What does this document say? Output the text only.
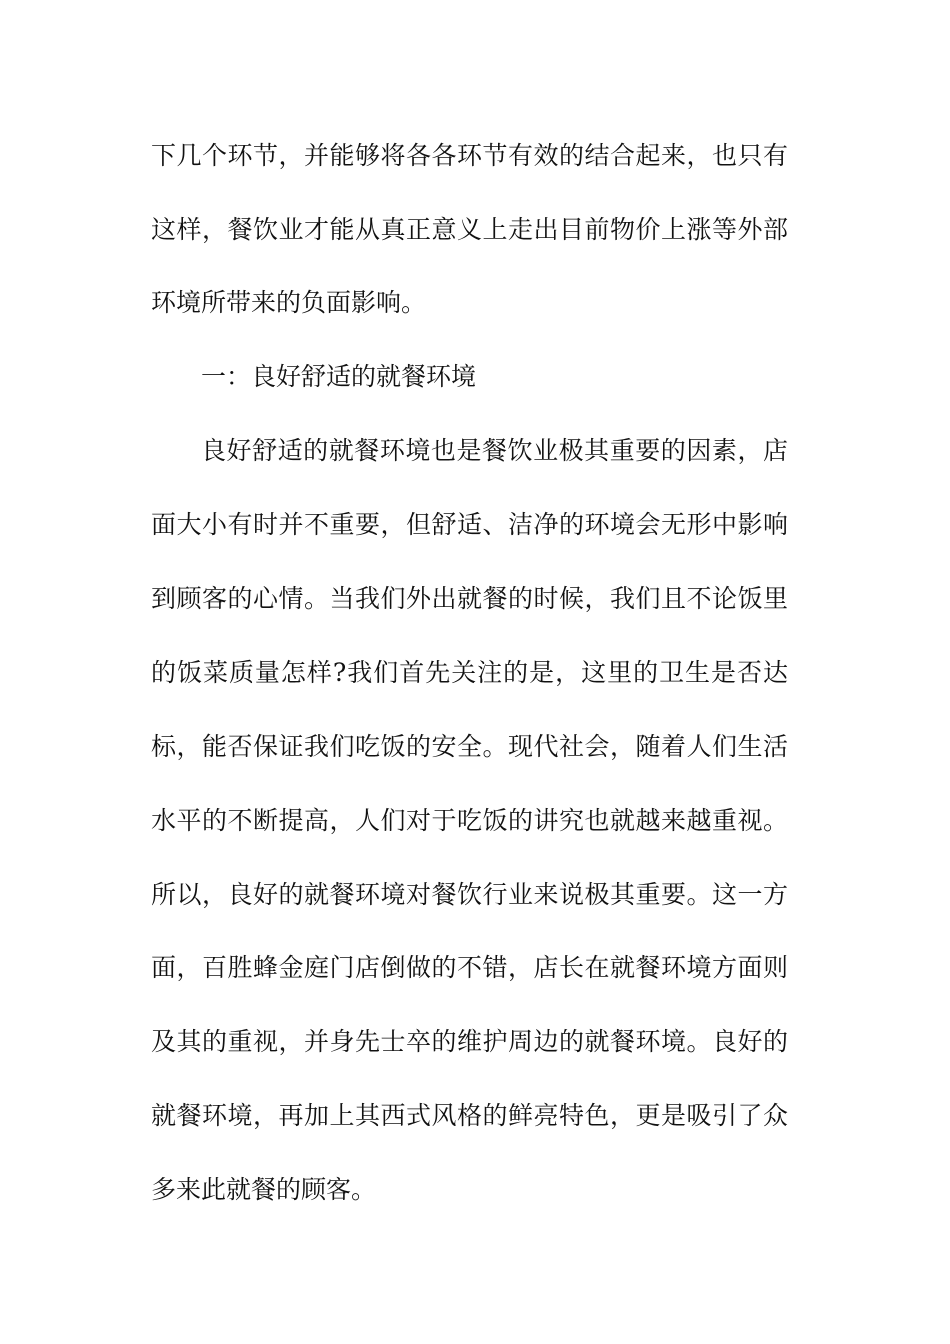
下几个环节，并能够将各各环节有效的结合起来，也只有
这样，餐饮业才能从真正意义上走出目前物价上涨等外部
环境所带来的负面影响。
一：良好舒适的就餐环境
良好舒适的就餐环境也是餐饮业极其重要的因素，店
面大小有时并不重要，但舒适、洁净的环境会无形中影响
到顾客的心情。当我们外出就餐的时候，我们且不论饭里
的饭菜质量怎样?我们首先关注的是，这里的卫生是否达
标，能否保证我们吃饭的安全。现代社会，随着人们生活
水平的不断提高，人们对于吃饭的讲究也就越来越重视。
所以，良好的就餐环境对餐饮行业来说极其重要。这一方
面，百胜蜂金庭门店倒做的不错，店长在就餐环境方面则
及其的重视，并身先士卒的维护周边的就餐环境。良好的
就餐环境，再加上其西式风格的鲜亮特色，更是吸引了众
多来此就餐的顾客。
